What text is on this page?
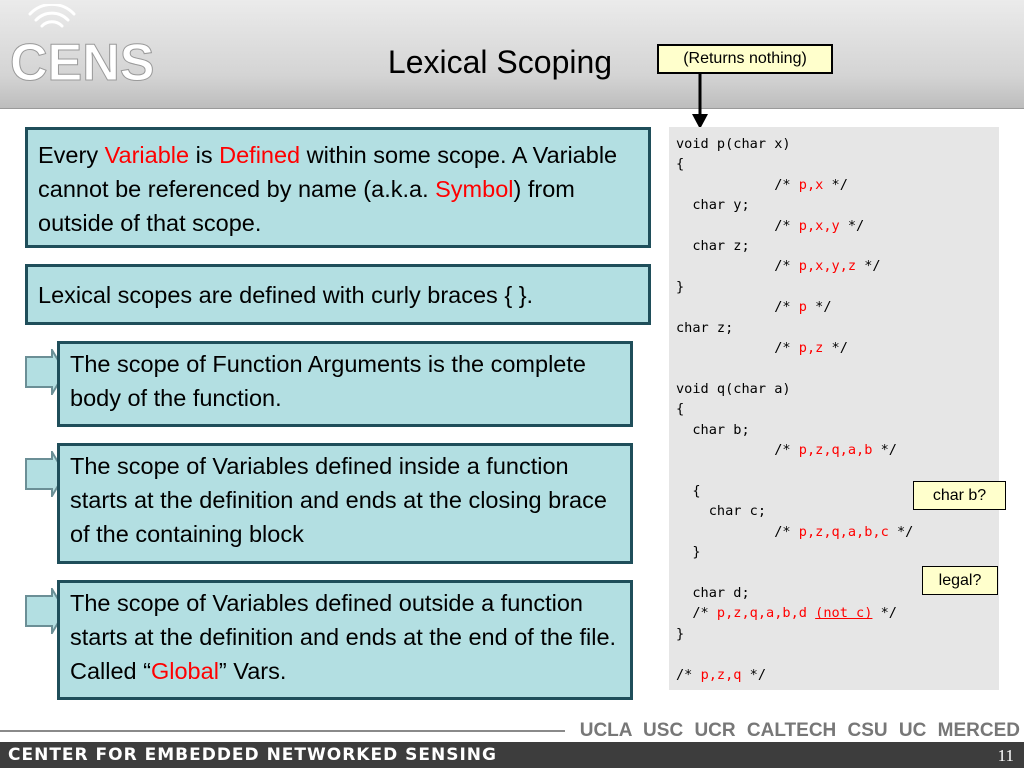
CENS	Lexical Scoping	(Returns nothing)
Every Variable is Defined within some scope. A Variable cannot be referenced by name (a.k.a. Symbol) from outside of that scope.
Lexical scopes are defined with curly braces { }.
The scope of Function Arguments is the complete body of the function.
The scope of Variables defined inside a function starts at the definition and ends at the closing brace of the containing block
The scope of Variables defined outside a function starts at the definition and ends at the end of the file. Called “Global” Vars.
void p(char x)
{
/* p,x */
char y;
/* p,x,y */
char z;
/* p,x,y,z */
}
/* p */
char z;
/* p,z */

void q(char a)
{
char b;
/* p,z,q,a,b */

{
char c;
/* p,z,q,a,b,c */
}

char d;
/* p,z,q,a,b,d (not c) */
}

/* p,z,q */
char b?
legal?
UCLA USC UCR CALTECH CSU UC MERCED
CENTER FOR EMBEDDED NETWORKED SENSING	11
